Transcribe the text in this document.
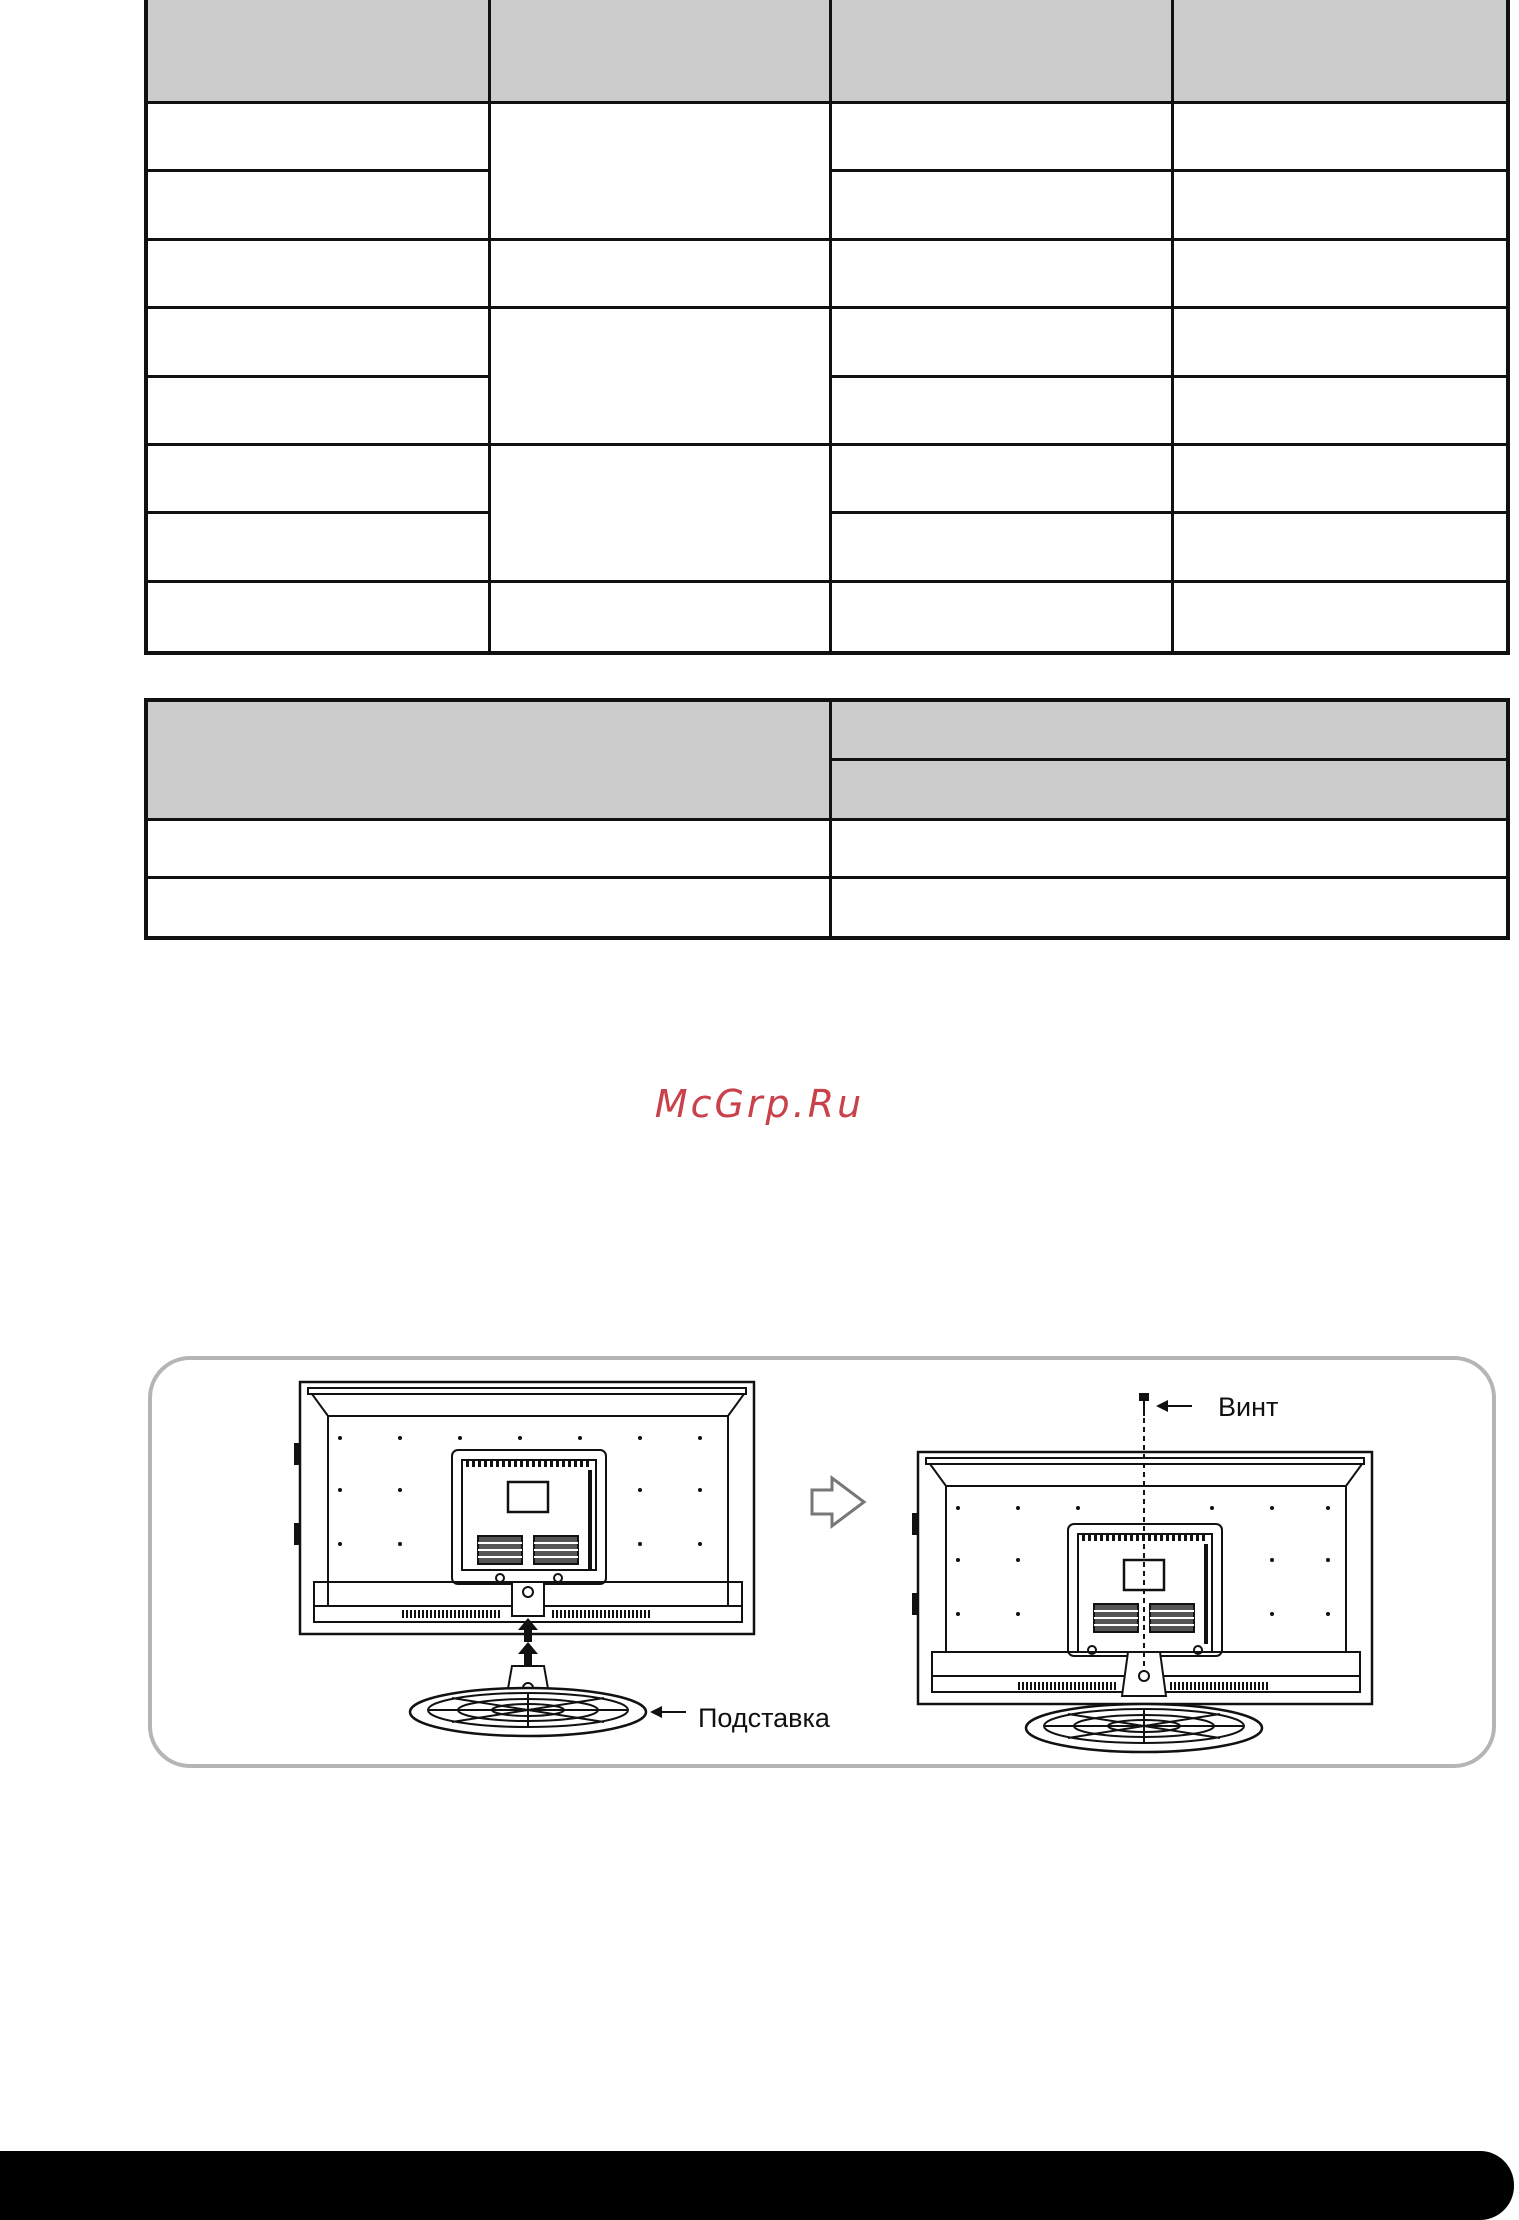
McGrp.Ru
Винт
Подставка
